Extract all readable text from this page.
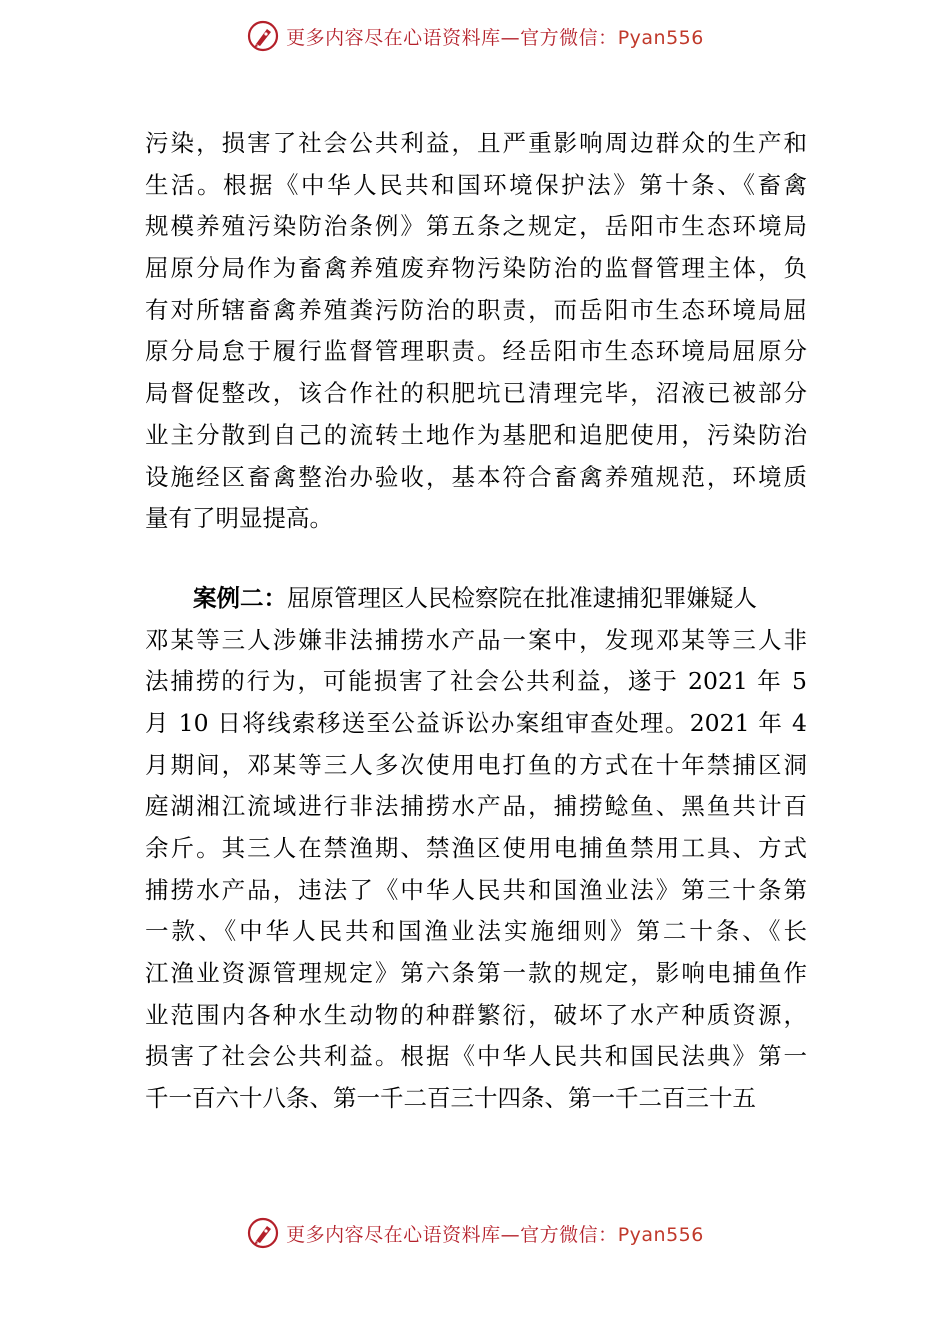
更多内容尽在心语资料库—官方微信：Pyan556
污染，损害了社会公共利益，且严重影响周边群众的生产和
生活。根据《中华人民共和国环境保护法》第十条、《畜禽
规模养殖污染防治条例》第五条之规定，岳阳市生态环境局
屈原分局作为畜禽养殖废弃物污染防治的监督管理主体，负
有对所辖畜禽养殖粪污防治的职责，而岳阳市生态环境局屈
原分局怠于履行监督管理职责。经岳阳市生态环境局屈原分
局督促整改，该合作社的积肥坑已清理完毕，沼液已被部分
业主分散到自己的流转土地作为基肥和追肥使用，污染防治
设施经区畜禽整治办验收，基本符合畜禽养殖规范，环境质
量有了明显提高。
案例二：屈原管理区人民检察院在批准逮捕犯罪嫌疑人
邓某等三人涉嫌非法捕捞水产品一案中，发现邓某等三人非
法捕捞的行为，可能损害了社会公共利益，遂于 2021 年 5
月 10 日将线索移送至公益诉讼办案组审查处理。2021 年 4
月期间，邓某等三人多次使用电打鱼的方式在十年禁捕区洞
庭湖湘江流域进行非法捕捞水产品，捕捞鲶鱼、黑鱼共计百
余斤。其三人在禁渔期、禁渔区使用电捕鱼禁用工具、方式
捕捞水产品，违法了《中华人民共和国渔业法》第三十条第
一款、《中华人民共和国渔业法实施细则》第二十条、《长
江渔业资源管理规定》第六条第一款的规定，影响电捕鱼作
业范围内各种水生动物的种群繁衍，破坏了水产种质资源，
损害了社会公共利益。根据《中华人民共和国民法典》第一
千一百六十八条、第一千二百三十四条、第一千二百三十五
更多内容尽在心语资料库—官方微信：Pyan556
